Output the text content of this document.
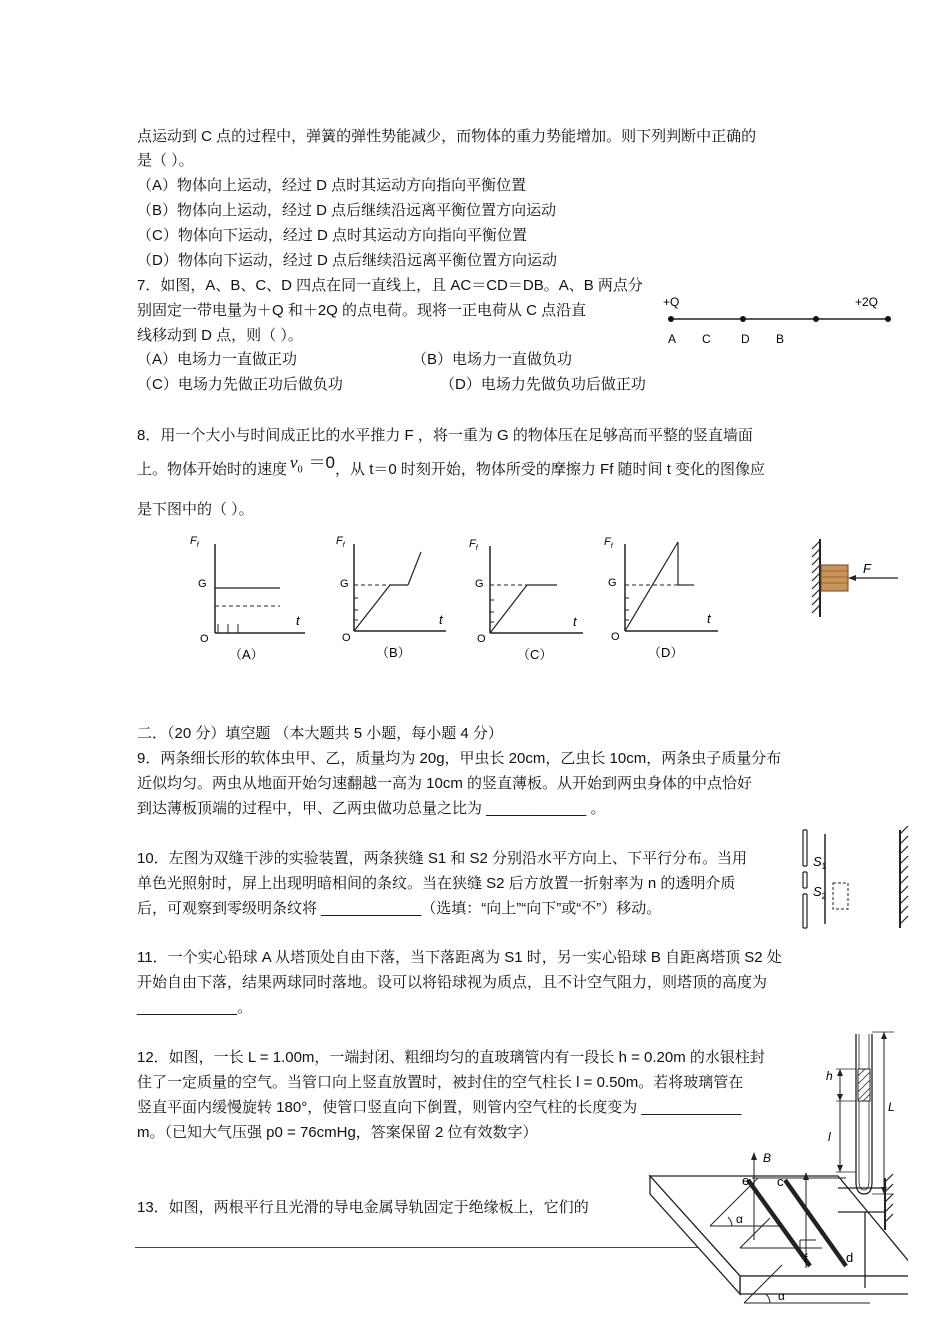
点运动到 C 点的过程中，弹簧的弹性势能减少，而物体的重力势能增加。则下列判断中正确的
是（ ）。
（A）物体向上运动，经过 D 点时其运动方向指向平衡位置
（B）物体向上运动，经过 D 点后继续沿远离平衡位置方向运动
（C）物体向下运动，经过 D 点时其运动方向指向平衡位置
（D）物体向下运动，经过 D 点后继续沿远离平衡位置方向运动
7．如图，A、B、C、D 四点在同一直线上，且 AC＝CD＝DB。A、B 两点分
别固定一带电量为＋Q 和＋2Q 的点电荷。现将一正电荷从 C 点沿直
线移动到 D 点，则（ ）。
（A）电场力一直做正功	（B）电场力一直做负功
（C）电场力先做正功后做负功	（D）电场力先做负功后做正功
+Q	+2Q
A C	D B
8．用一个大小与时间成正比的水平推力 F ，将一重为 G 的物体压在足够高而平整的竖直墙面
上。物体开始时的速度 $v_0 =0$，从 t＝0 时刻开始，物体所受的摩擦力 Ff 随时间 t 变化的图像应
是下图中的（ ）。
$F_f$
G
O
t
（A）
$F_f$
G
O
t
（B）
$F_f$
G
O
t
（C）
$F_f$
G
O
t
（D）
F
二．（20 分）填空题 （本大题共 5 小题，每小题 4 分）
9．两条细长形的软体虫甲、乙，质量均为 20g，甲虫长 20cm，乙虫长 10cm，两条虫子质量分布
近似均匀。两虫从地面开始匀速翻越一高为 10cm 的竖直薄板。从开始到两虫身体的中点恰好
到达薄板顶端的过程中，甲、乙两虫做功总量之比为 ____________ 。
10．左图为双缝干涉的实验装置，两条狭缝 S1 和 S2 分别沿水平方向上、下平行分布。当用
单色光照射时，屏上出现明暗相间的条纹。当在狭缝 S2 后方放置一折射率为 n 的透明介质
后，可观察到零级明条纹将 ____________（选填：“向上”“向下”或“不”）移动。
$S_1$
$S_2$
11．一个实心铅球 A 从塔顶处自由下落，当下落距离为 S1 时，另一实心铅球 B 自距离塔顶 S2 处
开始自由下落，结果两球同时落地。设可以将铅球视为质点，且不计空气阻力，则塔顶的高度为
____________。
12．如图，一长 L = 1.00m，一端封闭、粗细均匀的直玻璃管内有一段长 h = 0.20m 的水银柱封
住了一定质量的空气。当管口向上竖直放置时，被封住的空气柱长 l = 0.50m。若将玻璃管在
竖直平面内缓慢旋转 180°，使管口竖直向下倒置，则管内空气柱的长度变为 ____________
m。（已知大气压强 p0 = 76cmHg，答案保留 2 位有效数字）
h
l
L
13．如图，两根平行且光滑的导电金属导轨固定于绝缘板上，它们的
B
e c
f	d
α
α
